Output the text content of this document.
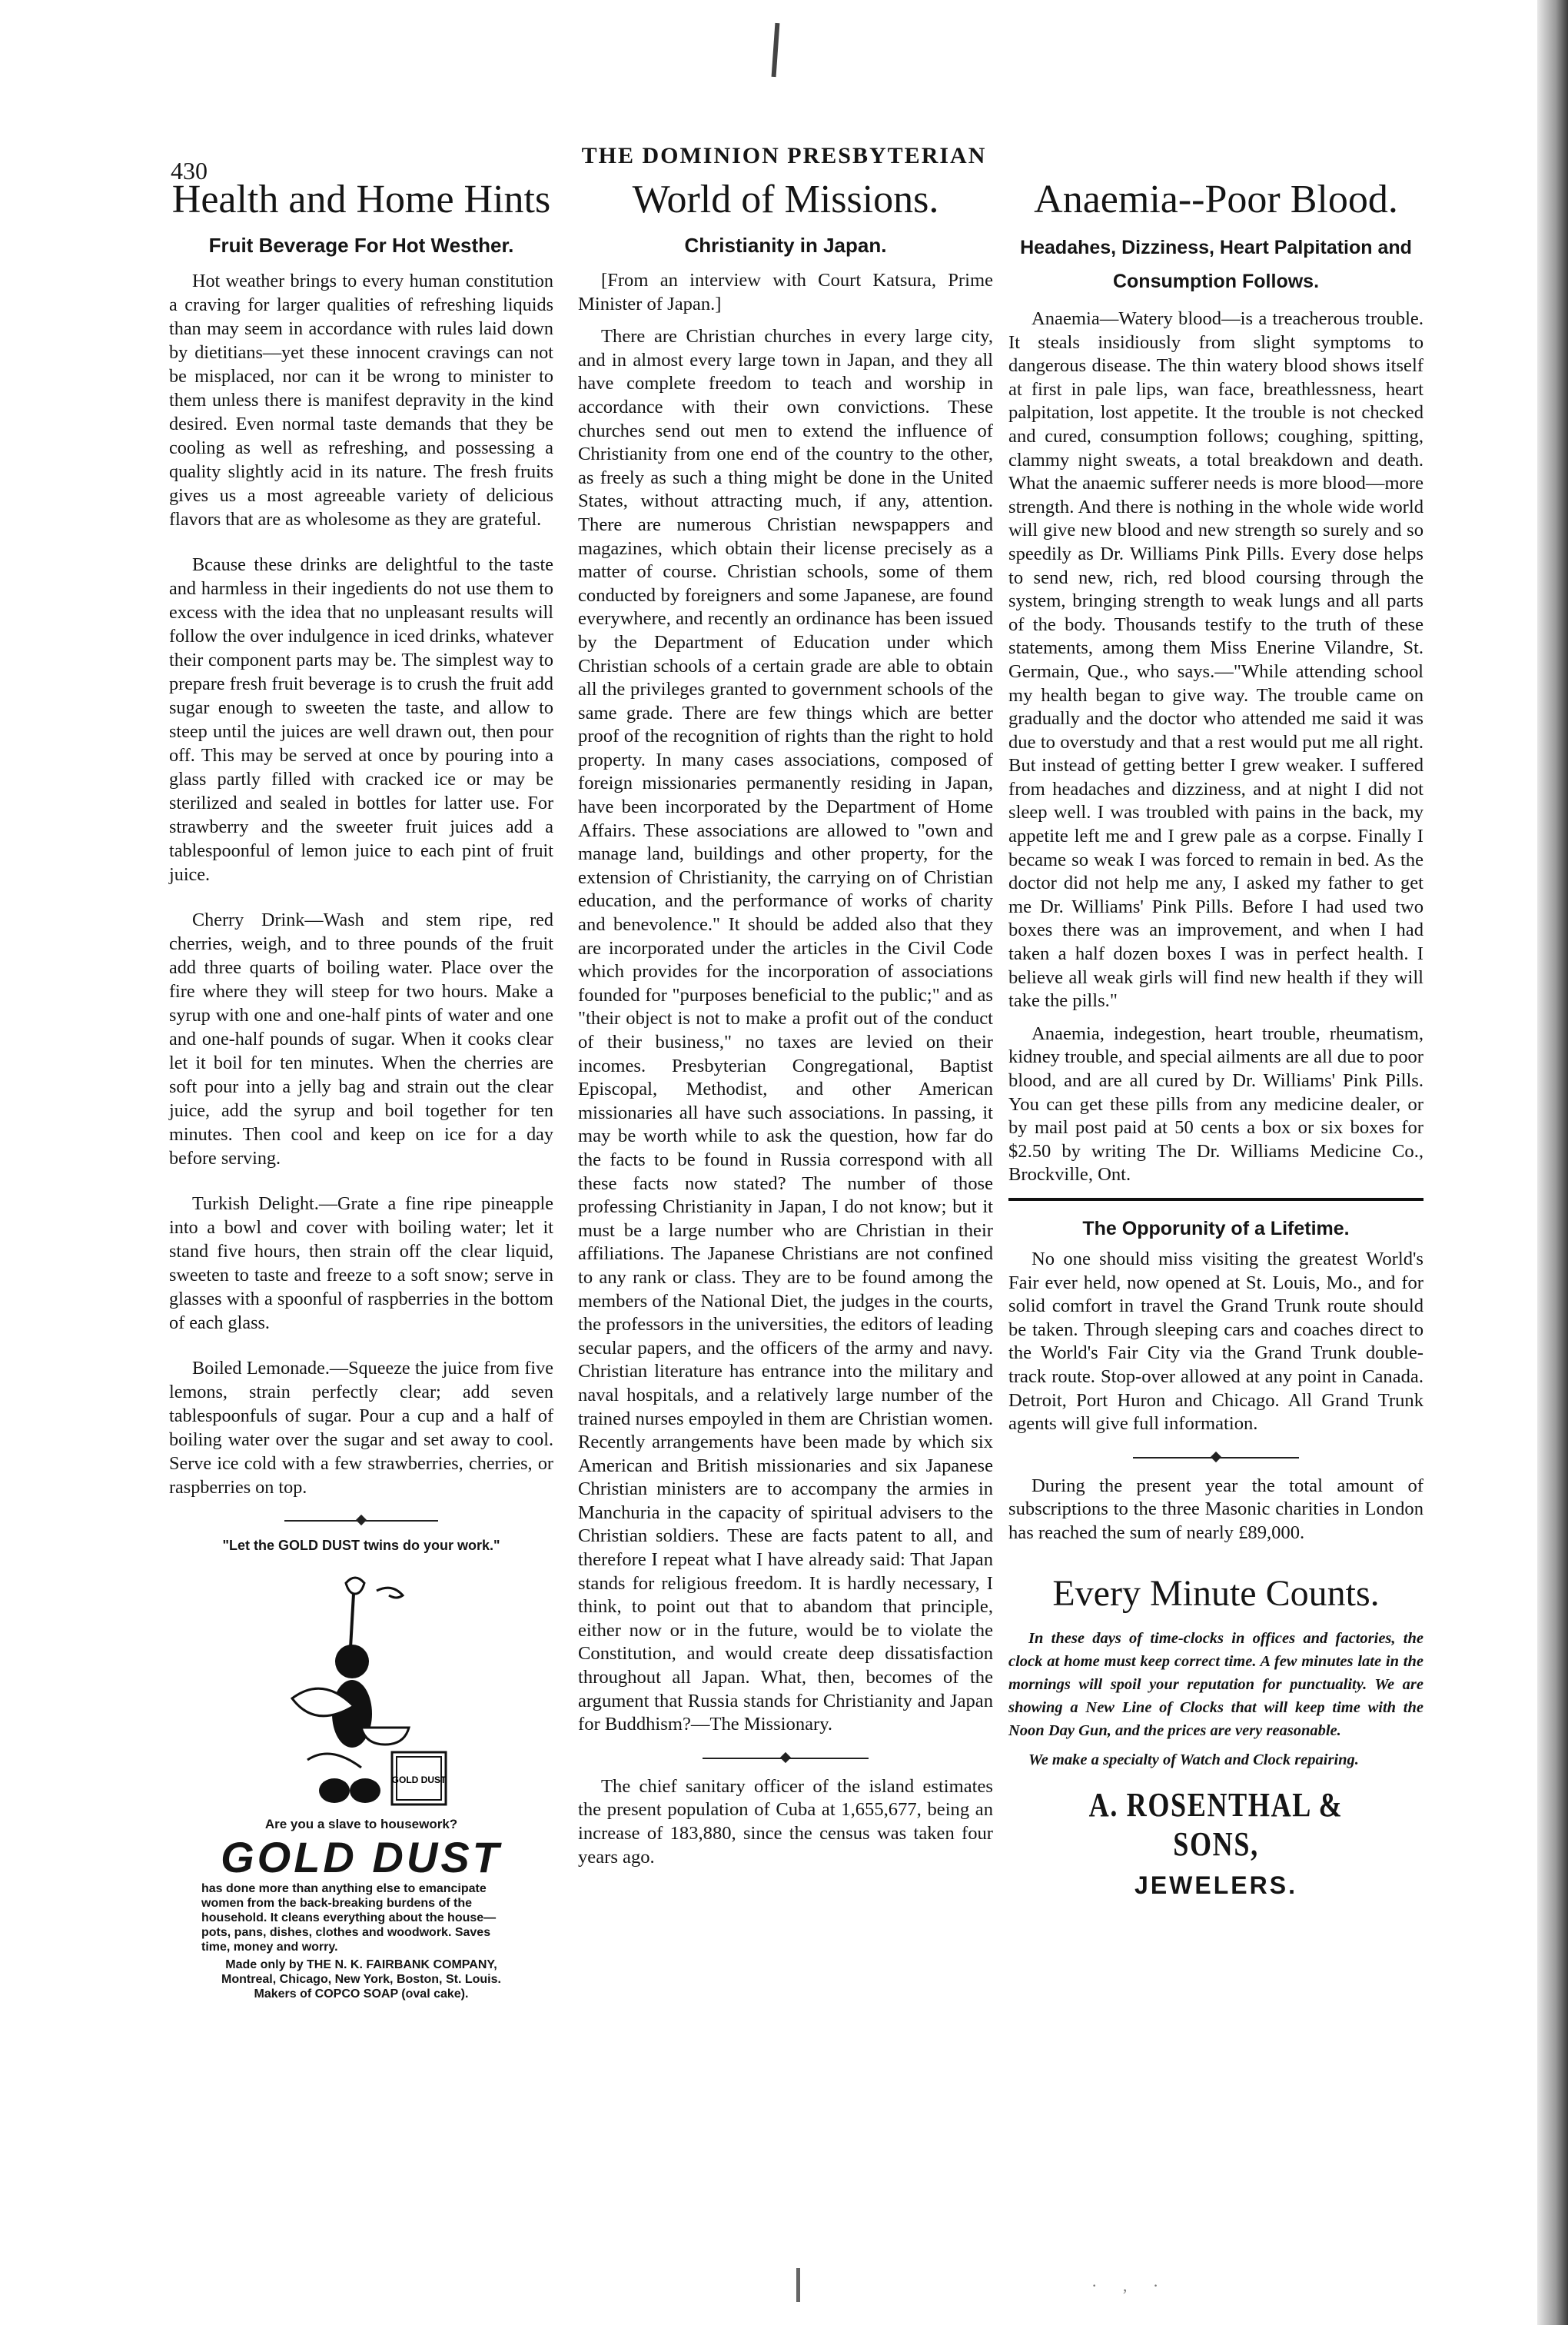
· , ·
430
THE DOMINION PRESBYTERIAN
Health and Home Hints
Fruit Beverage For Hot Westher.

Hot weather brings to every human constitution a craving for larger qualities of refreshing liquids than may seem in accordance with rules laid down by dietitians—yet these innocent cravings can not be misplaced, nor can it be wrong to minister to them unless there is manifest depravity in the kind desired. Even normal taste demands that they be cooling as well as refreshing, and possessing a quality slightly acid in its nature. The fresh fruits gives us a most agreeable variety of delicious flavors that are as wholesome as they are grateful.

Bcause these drinks are delightful to the taste and harmless in their ingedients do not use them to excess with the idea that no unpleasant results will follow the over indulgence in iced drinks, whatever their component parts may be. The simplest way to prepare fresh fruit beverage is to crush the fruit add sugar enough to sweeten the taste, and allow to steep until the juices are well drawn out, then pour off. This may be served at once by pouring into a glass partly filled with cracked ice or may be sterilized and sealed in bottles for latter use. For strawberry and the sweeter fruit juices add a tablespoonful of lemon juice to each pint of fruit juice.

Cherry Drink—Wash and stem ripe, red cherries, weigh, and to three pounds of the fruit add three quarts of boiling water. Place over the fire where they will steep for two hours. Make a syrup with one and one-half pints of water and one and one-half pounds of sugar. When it cooks clear let it boil for ten minutes. When the cherries are soft pour into a jelly bag and strain out the clear juice, add the syrup and boil together for ten minutes. Then cool and keep on ice for a day before serving.

Turkish Delight.—Grate a fine ripe pineapple into a bowl and cover with boiling water; let it stand five hours, then strain off the clear liquid, sweeten to taste and freeze to a soft snow; serve in glasses with a spoonful of raspberries in the bottom of each glass.

Boiled Lemonade.—Squeeze the juice from five lemons, strain perfectly clear; add seven tablespoonfuls of sugar. Pour a cup and a half of boiling water over the sugar and set away to cool. Serve ice cold with a few strawberries, cherries, or raspberries on top.

"Let the GOLD DUST twins do your work."
GOLD DUST
Are you a slave to housework?
GOLD DUST
has done more than anything else to emancipate women from the back-breaking burdens of the household. It cleans everything about the house—pots, pans, dishes, clothes and woodwork. Saves time, money and worry.
Made only by THE N. K. FAIRBANK COMPANY, Montreal, Chicago, New York, Boston, St. Louis. Makers of COPCO SOAP (oval cake).
World of Missions.
Christianity in Japan.

[From an interview with Court Katsura, Prime Minister of Japan.]

There are Christian churches in every large city, and in almost every large town in Japan, and they all have complete freedom to teach and worship in accordance with their own convictions. These churches send out men to extend the influence of Christianity from one end of the country to the other, as freely as such a thing might be done in the United States, without attracting much, if any, attention. There are numerous Christian newspappers and magazines, which obtain their license precisely as a matter of course. Christian schools, some of them conducted by foreigners and some Japanese, are found everywhere, and recently an ordinance has been issued by the Department of Education under which Christian schools of a certain grade are able to obtain all the privileges granted to government schools of the same grade. There are few things which are better proof of the recognition of rights than the right to hold property. In many cases associations, composed of foreign missionaries permanently residing in Japan, have been incorporated by the Department of Home Affairs. These associations are allowed to "own and manage land, buildings and other property, for the extension of Christianity, the carrying on of Christian education, and the performance of works of charity and benevolence." It should be added also that they are incorporated under the articles in the Civil Code which provides for the incorporation of associations founded for "purposes beneficial to the public;" and as "their object is not to make a profit out of the conduct of their business," no taxes are levied on their incomes. Presbyterian Congregational, Baptist Episcopal, Methodist, and other American missionaries all have such associations. In passing, it may be worth while to ask the question, how far do the facts to be found in Russia correspond with all these facts now stated? The number of those professing Christianity in Japan, I do not know; but it must be a large number who are Christian in their affiliations. The Japanese Christians are not confined to any rank or class. They are to be found among the members of the National Diet, the judges in the courts, the professors in the universities, the editors of leading secular papers, and the officers of the army and navy. Christian literature has entrance into the military and naval hospitals, and a relatively large number of the trained nurses empoyled in them are Christian women. Recently arrangements have been made by which six American and British missionaries and six Japanese Christian ministers are to accompany the armies in Manchuria in the capacity of spiritual advisers to the Christian soldiers. These are facts patent to all, and therefore I repeat what I have already said: That Japan stands for religious freedom. It is hardly necessary, I think, to point out that to abandom that principle, either now or in the future, would be to violate the Constitution, and would create deep dissatisfaction throughout all Japan. What, then, becomes of the argument that Russia stands for Christianity and Japan for Buddhism?—The Missionary.

The chief sanitary officer of the island estimates the present population of Cuba at 1,655,677, being an increase of 183,880, since the census was taken four years ago.

Anaemia--Poor Blood.
Headahes, Dizziness, Heart Palpitation and Consumption Follows.

Anaemia—Watery blood—is a treacherous trouble. It steals insidiously from slight symptoms to dangerous disease. The thin watery blood shows itself at first in pale lips, wan face, breathlessness, heart palpitation, lost appetite. It the trouble is not checked and cured, consumption follows; coughing, spitting, clammy night sweats, a total breakdown and death. What the anaemic sufferer needs is more blood—more strength. And there is nothing in the whole wide world will give new blood and new strength so surely and so speedily as Dr. Williams Pink Pills. Every dose helps to send new, rich, red blood coursing through the system, bringing strength to weak lungs and all parts of the body. Thousands testify to the truth of these statements, among them Miss Enerine Vilandre, St. Germain, Que., who says.—"While attending school my health began to give way. The trouble came on gradually and the doctor who attended me said it was due to overstudy and that a rest would put me all right. But instead of getting better I grew weaker. I suffered from headaches and dizziness, and at night I did not sleep well. I was troubled with pains in the back, my appetite left me and I grew pale as a corpse. Finally I became so weak I was forced to remain in bed. As the doctor did not help me any, I asked my father to get me Dr. Williams' Pink Pills. Before I had used two boxes there was an improvement, and when I had taken a half dozen boxes I was in perfect health. I believe all weak girls will find new health if they will take the pills."

Anaemia, indegestion, heart trouble, rheumatism, kidney trouble, and special ailments are all due to poor blood, and are all cured by Dr. Williams' Pink Pills. You can get these pills from any medicine dealer, or by mail post paid at 50 cents a box or six boxes for $2.50 by writing The Dr. Williams Medicine Co., Brockville, Ont.

The Opporunity of a Lifetime.

No one should miss visiting the greatest World's Fair ever held, now opened at St. Louis, Mo., and for solid comfort in travel the Grand Trunk route should be taken. Through sleeping cars and coaches direct to the World's Fair City via the Grand Trunk double-track route. Stop-over allowed at any point in Canada. Detroit, Port Huron and Chicago. All Grand Trunk agents will give full information.

During the present year the total amount of subscriptions to the three Masonic charities in London has reached the sum of nearly £89,000.

Every Minute Counts.

In these days of time-clocks in offices and factories, the clock at home must keep correct time. A few minutes late in the mornings will spoil your reputation for punctuality. We are showing a New Line of Clocks that will keep time with the Noon Day Gun, and the prices are very reasonable.

We make a specialty of Watch and Clock repairing.

A. ROSENTHAL & SONS,
JEWELERS.
